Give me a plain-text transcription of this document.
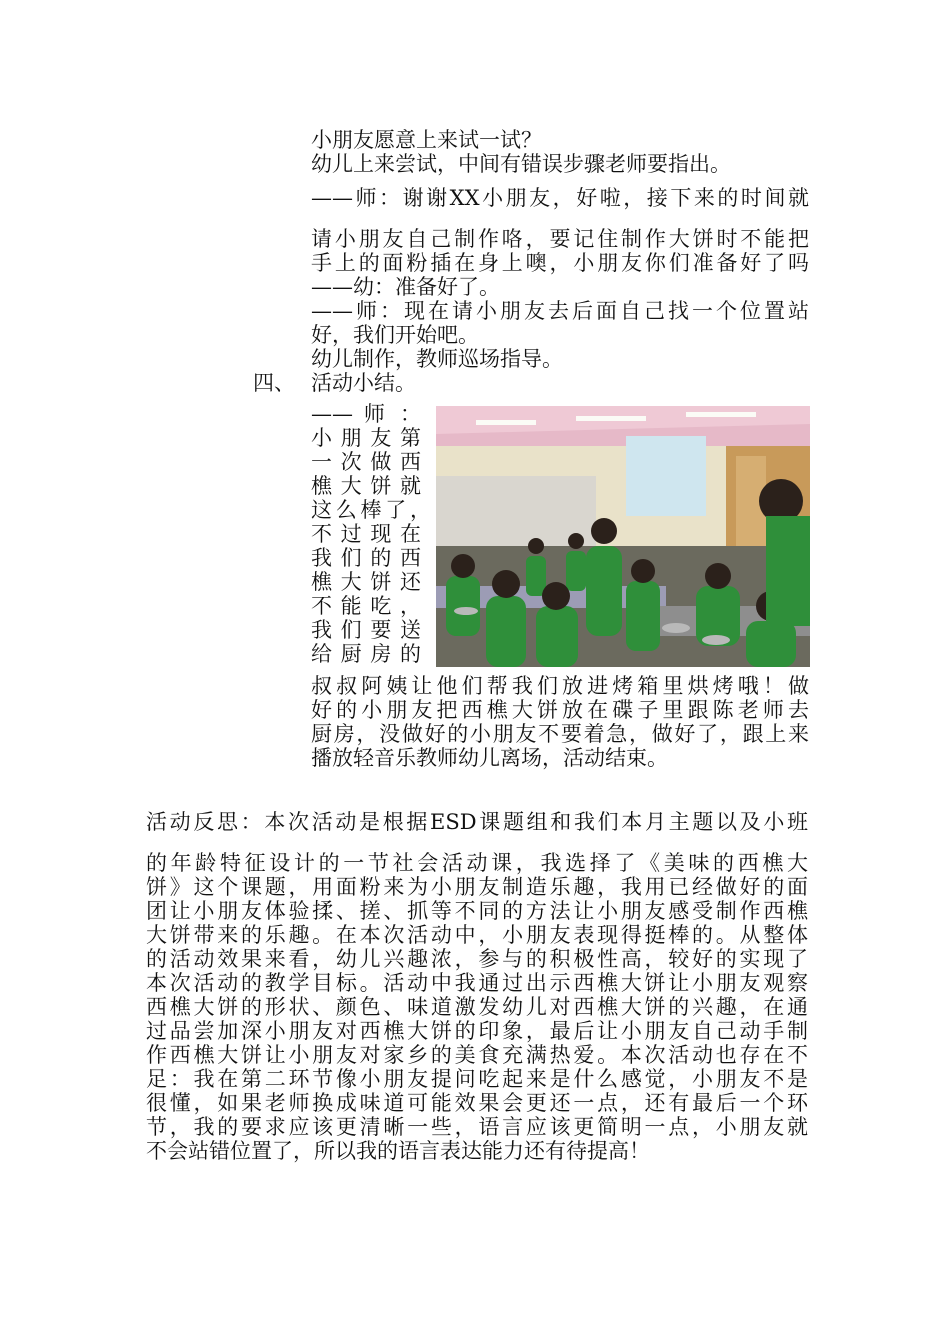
小朋友愿意上来试一试？
幼儿上来尝试，中间有错误步骤老师要指出。
——师：谢谢XX小朋友，好啦，接下来的时间就
请小朋友自己制作咯，要记住制作大饼时不能把
手上的面粉插在身上噢，小朋友你们准备好了吗
——幼：准备好了。
——师：现在请小朋友去后面自己找一个位置站
好，我们开始吧。
幼儿制作，教师巡场指导。
四、 活动小结。
—— 师 ：
小朋友第
一次做西
樵大饼就
这么棒了，
不过现在
我们的西
樵大饼还
不能吃，
我们要送
给厨房的
叔叔阿姨让他们帮我们放进烤箱里烘烤哦！做
好的小朋友把西樵大饼放在碟子里跟陈老师去
厨房，没做好的小朋友不要着急，做好了，跟上来
播放轻音乐教师幼儿离场，活动结束。
活动反思：本次活动是根据ESD课题组和我们本月主题以及小班
的年龄特征设计的一节社会活动课，我选择了《美味的西樵大
饼》这个课题，用面粉来为小朋友制造乐趣，我用已经做好的面
团让小朋友体验揉、搓、抓等不同的方法让小朋友感受制作西樵
大饼带来的乐趣。在本次活动中，小朋友表现得挺棒的。从整体
的活动效果来看，幼儿兴趣浓，参与的积极性高，较好的实现了
本次活动的教学目标。活动中我通过出示西樵大饼让小朋友观察
西樵大饼的形状、颜色、味道激发幼儿对西樵大饼的兴趣，在通
过品尝加深小朋友对西樵大饼的印象，最后让小朋友自己动手制
作西樵大饼让小朋友对家乡的美食充满热爱。本次活动也存在不
足：我在第二环节像小朋友提问吃起来是什么感觉，小朋友不是
很懂，如果老师换成味道可能效果会更还一点，还有最后一个环
节，我的要求应该更清晰一些，语言应该更简明一点，小朋友就
不会站错位置了，所以我的语言表达能力还有待提高！
